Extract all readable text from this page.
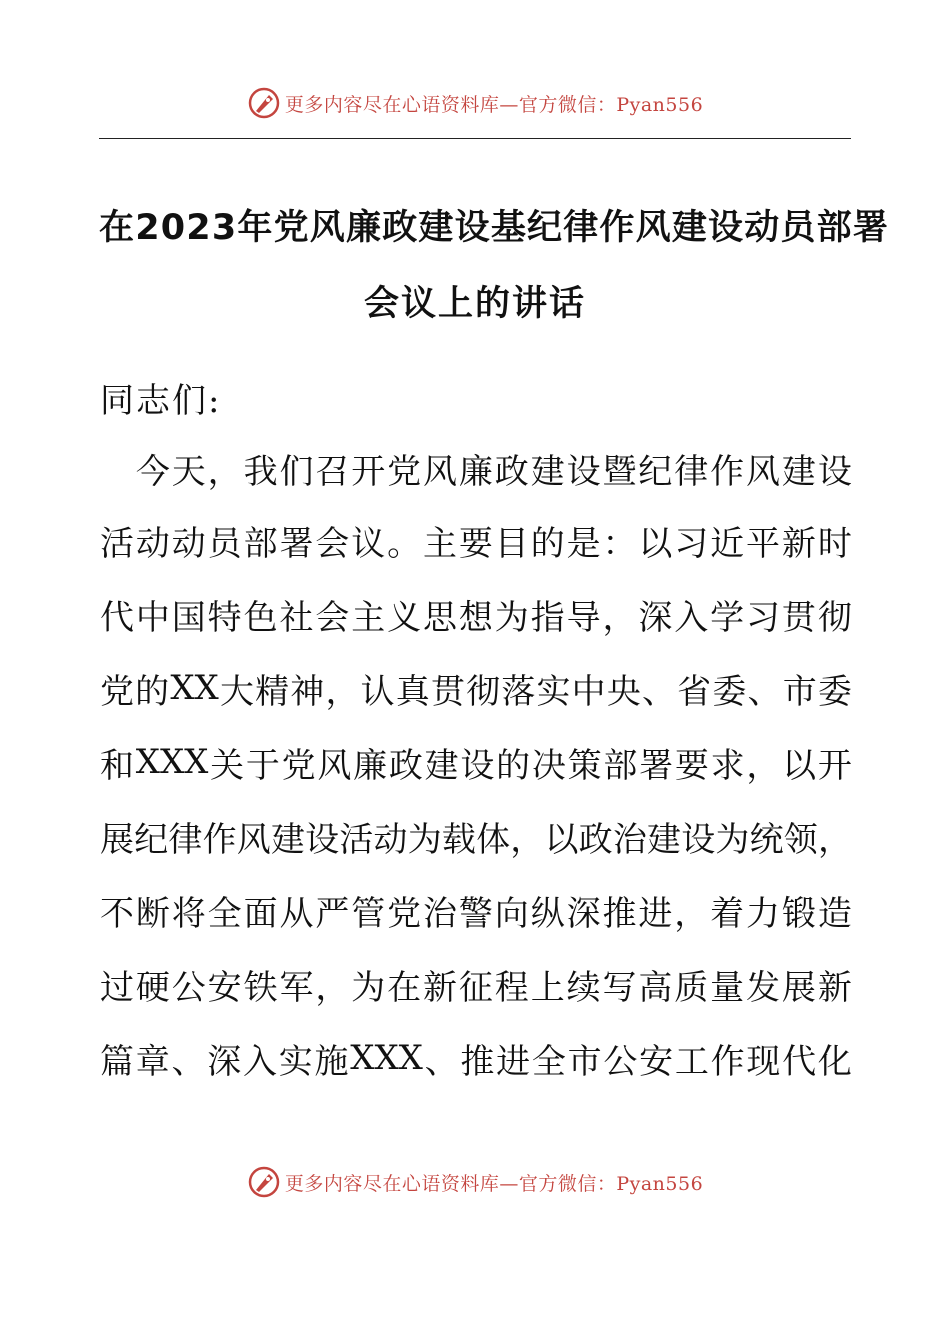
更多内容尽在心语资料库—官方微信：Pyan556
在2023年党风廉政建设基纪律作风建设动员部署
会议上的讲话
同志们:

今 天 ， 我 们 召 开 党 风 廉 政 建 设 暨 纪 律 作 风 建 设
活 动 动 员 部 署 会 议 。 主 要 目 的 是 ： 以 习 近 平 新 时
代 中 国 特 色 社 会 主 义 思 想 为 指 导 ， 深 入 学 习 贯 彻
党 的 XX 大 精 神 ， 认 真 贯 彻 落 实 中 央 、 省 委 、 市 委
和 XXX 关 于 党 风 廉 政 建 设 的 决 策 部 署 要 求 ， 以 开
展 纪 律 作 风 建 设 活 动 为 载 体 ， 以 政 治 建 设 为 统 领 ，
不 断 将 全 面 从 严 管 党 治 警 向 纵 深 推 进 ， 着 力 锻 造
过 硬 公 安 铁 军 ， 为 在 新 征 程 上 续 写 高 质 量 发 展 新
篇 章 、 深 入 实 施 XXX 、 推 进 全 市 公 安 工 作 现 代 化
更多内容尽在心语资料库—官方微信：Pyan556
